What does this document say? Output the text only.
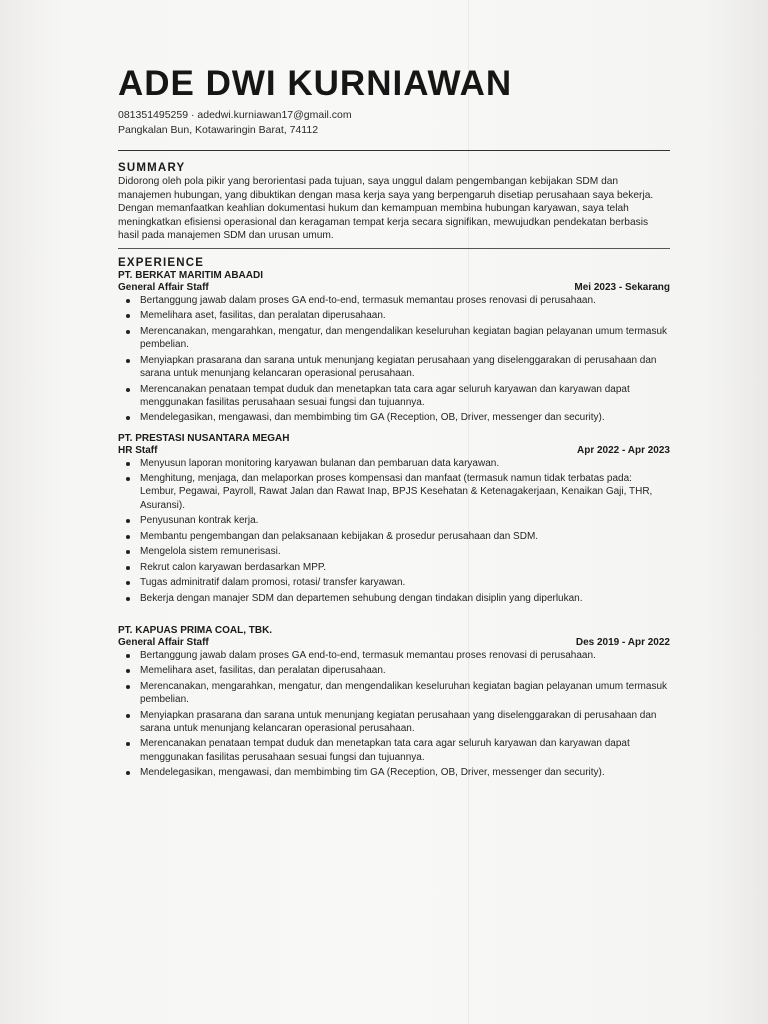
ADE DWI KURNIAWAN
081351495259 · adedwi.kurniawan17@gmail.com
Pangkalan Bun, Kotawaringin Barat, 74112
SUMMARY
Didorong oleh pola pikir yang berorientasi pada tujuan, saya unggul dalam pengembangan kebijakan SDM dan manajemen hubungan, yang dibuktikan dengan masa kerja saya yang berpengaruh disetiap perusahaan saya bekerja. Dengan memanfaatkan keahlian dokumentasi hukum dan kemampuan membina hubungan karyawan, saya telah meningkatkan efisiensi operasional dan keragaman tempat kerja secara signifikan, mewujudkan pendekatan berbasis hasil pada manajemen SDM dan urusan umum.
EXPERIENCE
PT. BERKAT MARITIM ABAADI
General Affair Staff	Mei 2023 - Sekarang
Bertanggung jawab dalam proses GA end-to-end, termasuk memantau proses renovasi di perusahaan.
Memelihara aset, fasilitas, dan peralatan diperusahaan.
Merencanakan, mengarahkan, mengatur, dan mengendalikan keseluruhan kegiatan bagian pelayanan umum termasuk pembelian.
Menyiapkan prasarana dan sarana untuk menunjang kegiatan perusahaan yang diselenggarakan di perusahaan dan sarana untuk menunjang kelancaran operasional perusahaan.
Merencanakan penataan tempat duduk dan menetapkan tata cara agar seluruh karyawan dan karyawan dapat menggunakan fasilitas perusahaan sesuai fungsi dan tujuannya.
Mendelegasikan, mengawasi, dan membimbing tim GA (Reception, OB, Driver, messenger dan security).
PT. PRESTASI NUSANTARA MEGAH
HR Staff	Apr 2022 - Apr 2023
Menyusun laporan monitoring karyawan bulanan dan pembaruan data karyawan.
Menghitung, menjaga, dan melaporkan proses kompensasi dan manfaat (termasuk namun tidak terbatas pada: Lembur, Pegawai, Payroll, Rawat Jalan dan Rawat Inap, BPJS Kesehatan & Ketenagakerjaan, Kenaikan Gaji, THR, Asuransi).
Penyusunan kontrak kerja.
Membantu pengembangan dan pelaksanaan kebijakan & prosedur perusahaan dan SDM.
Mengelola sistem remunerisasi.
Rekrut calon karyawan berdasarkan MPP.
Tugas adminitratif dalam promosi, rotasi/ transfer karyawan.
Bekerja dengan manajer SDM dan departemen sehubung dengan tindakan disiplin yang diperlukan.
PT. KAPUAS PRIMA COAL, TBK.
General Affair Staff	Des 2019 - Apr 2022
Bertanggung jawab dalam proses GA end-to-end, termasuk memantau proses renovasi di perusahaan.
Memelihara aset, fasilitas, dan peralatan diperusahaan.
Merencanakan, mengarahkan, mengatur, dan mengendalikan keseluruhan kegiatan bagian pelayanan umum termasuk pembelian.
Menyiapkan prasarana dan sarana untuk menunjang kegiatan perusahaan yang diselenggarakan di perusahaan dan sarana untuk menunjang kelancaran operasional perusahaan.
Merencanakan penataan tempat duduk dan menetapkan tata cara agar seluruh karyawan dan karyawan dapat menggunakan fasilitas perusahaan sesuai fungsi dan tujuannya.
Mendelegasikan, mengawasi, dan membimbing tim GA (Reception, OB, Driver, messenger dan security).
